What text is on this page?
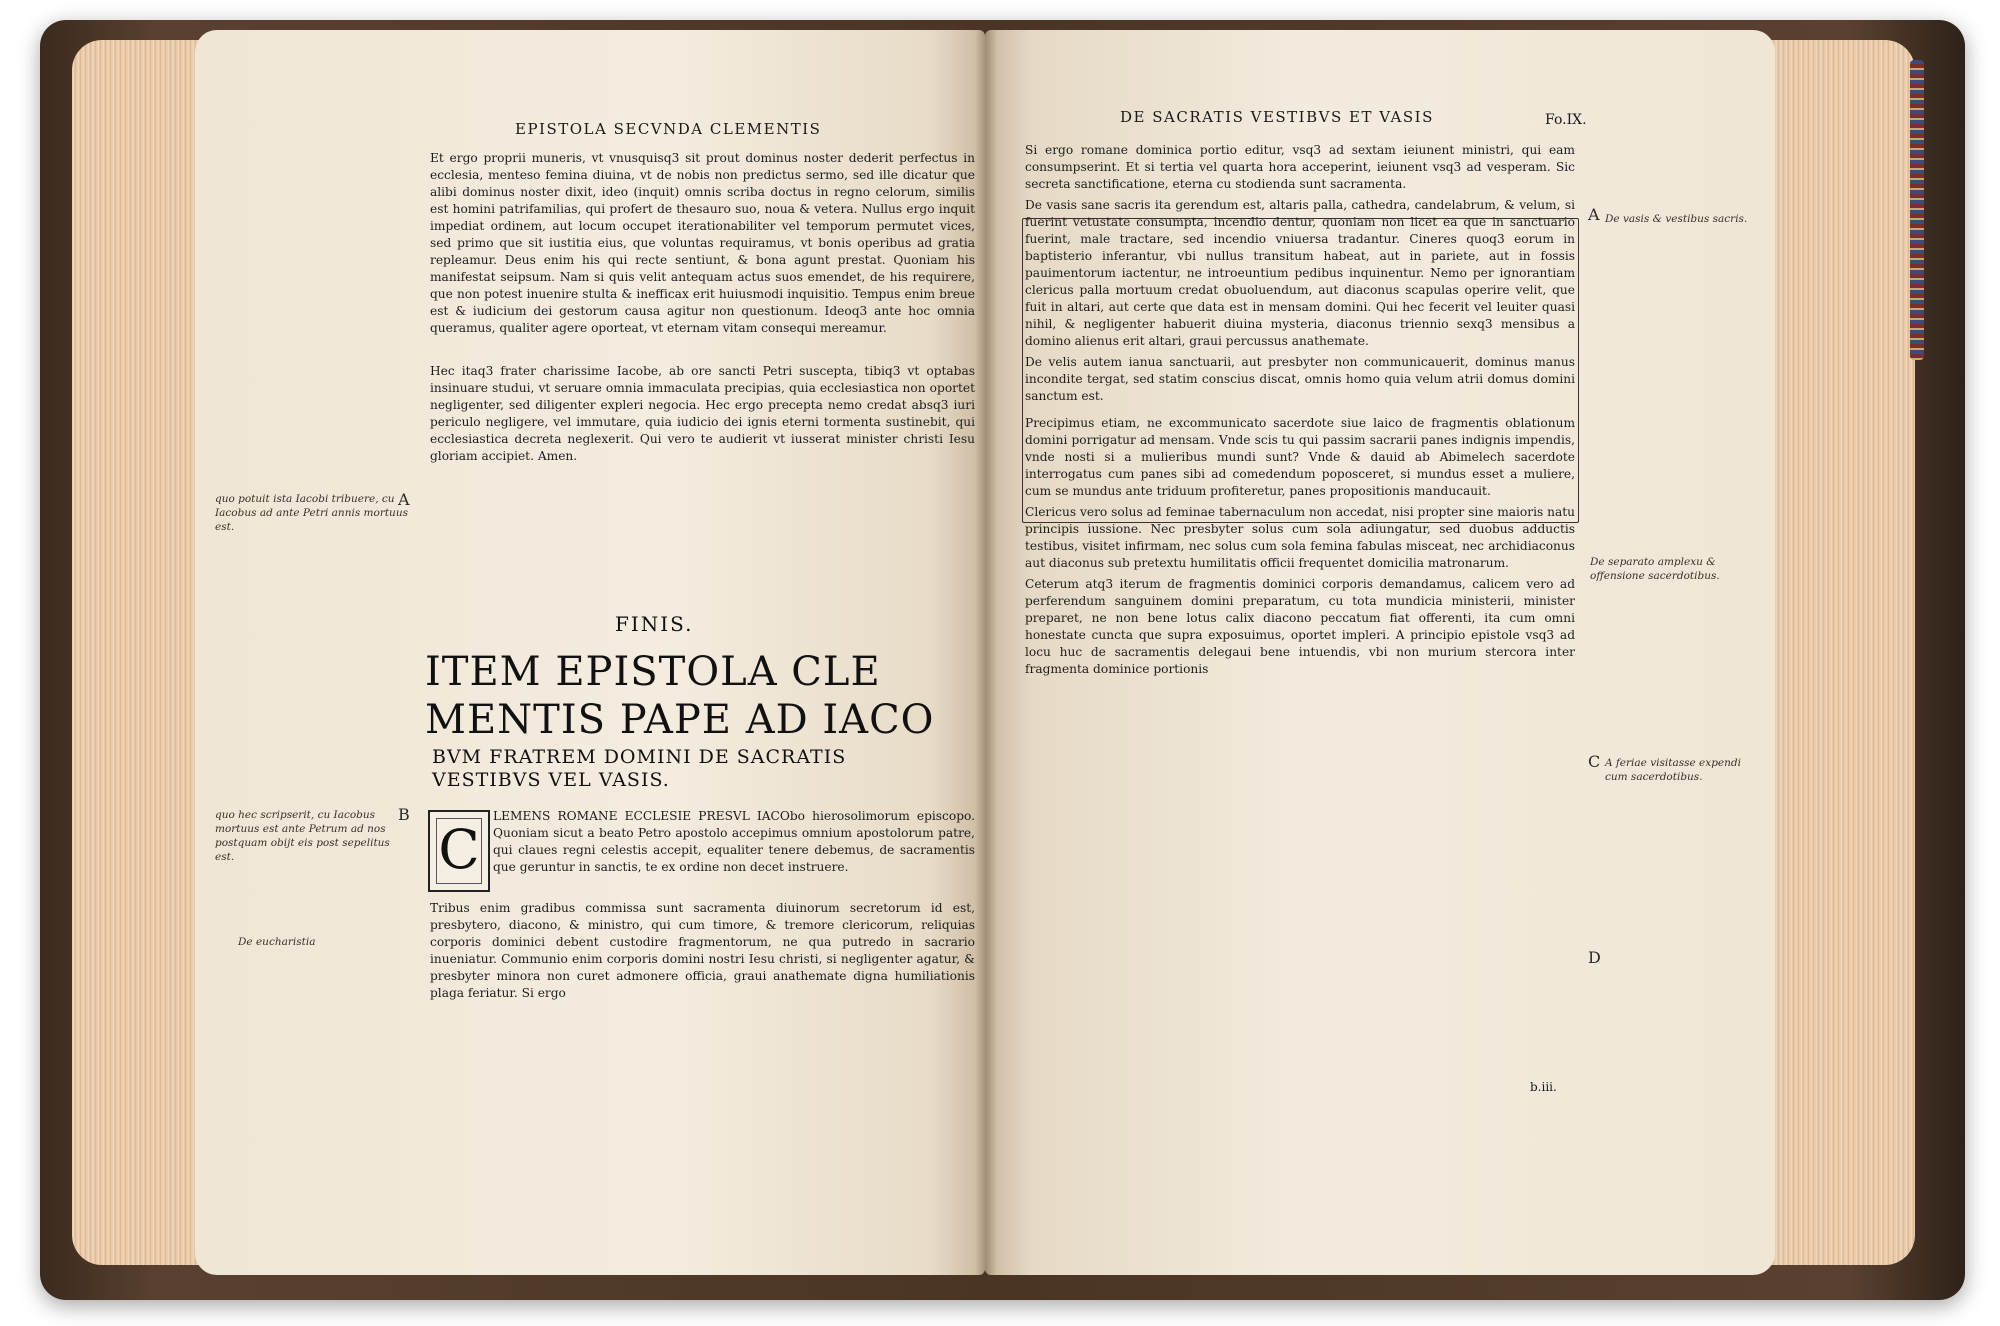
EPISTOLA SECVNDA CLEMENTIS

Et ergo proprii muneris, vt vnusquisq3 sit prout dominus noster dederit perfectus in ecclesia, menteso femina diuina, vt de nobis non predictus sermo, sed ille dicatur que alibi dominus noster dixit, ideo (inquit) omnis scriba doctus in regno celorum, similis est homini patrifamilias, qui profert de thesauro suo, noua & vetera. Nullus ergo inquit impediat ordinem, aut locum occupet iterationabiliter vel temporum permutet vices, sed primo que sit iustitia eius, que voluntas requiramus, vt bonis operibus ad gratia repleamur. Deus enim his qui recte sentiunt, & bona agunt prestat. Quoniam his manifestat seipsum. Nam si quis velit antequam actus suos emendet, de his requirere, que non potest inuenire stulta & inefficax erit huiusmodi inquisitio. Tempus enim breue est & iudicium dei gestorum causa agitur non questionum. Ideoq3 ante hoc omnia queramus, qualiter agere oporteat, vt eternam vitam consequi mereamur.

Hec itaq3 frater charissime Iacobe, ab ore sancti Petri suscepta, tibiq3 vt optabas insinuare studui, vt seruare omnia immaculata precipias, quia ecclesiastica non oportet negligenter, sed diligenter expleri negocia. Hec ergo precepta nemo credat absq3 iuri periculo negligere, vel immutare, quia iudicio dei ignis eterni tormenta sustinebit, qui ecclesiastica decreta neglexerit. Qui vero te audierit vt iusserat minister christi Iesu gloriam accipiet. Amen.

FINIS.
ITEM EPISTOLA CLE
MENTIS PAPE AD IACO
BVM FRATREM DOMINI DE SACRATIS VESTIBVS VEL VASIS.
C

LEMENS ROMANE ECCLESIE PRESVL IACObo hierosolimorum episcopo. Quoniam sicut a beato Petro apostolo accepimus omnium apostolorum patre, qui claues regni celestis accepit, equaliter tenere debemus, de sacramentis que geruntur in sanctis, te ex ordine non decet instruere.

Tribus enim gradibus commissa sunt sacramenta diuinorum secretorum id est, presbytero, diacono, & ministro, qui cum timore, & tremore clericorum, reliquias corporis dominici debent custodire fragmentorum, ne qua putredo in sacrario inueniatur. Communio enim corporis domini nostri Iesu christi, si negligenter agatur, & presbyter minora non curet admonere officia, graui anathemate digna humiliationis plaga feriatur. Si ergo

quo potuit ista Iacobi tribuere, cu Iacobus ad ante Petri annis mortuus est.
A
quo hec scripserit, cu Iacobus mortuus est ante Petrum ad nos postquam obijt eis post sepelitus est.
B
De eucharistia
DE SACRATIS VESTIBVS ET VASIS	Fo.IX.

Si ergo romane dominica portio editur, vsq3 ad sextam ieiunent ministri, qui eam consumpserint. Et si tertia vel quarta hora acceperint, ieiunent vsq3 ad vesperam. Sic secreta sanctificatione, eterna cu stodienda sunt sacramenta.

De vasis sane sacris ita gerendum est, altaris palla, cathedra, candelabrum, & velum, si fuerint vetustate consumpta, incendio dentur, quoniam non licet ea que in sanctuario fuerint, male tractare, sed incendio vniuersa tradantur. Cineres quoq3 eorum in baptisterio inferantur, vbi nullus transitum habeat, aut in pariete, aut in fossis pauimentorum iactentur, ne introeuntium pedibus inquinentur. Nemo per ignorantiam clericus palla mortuum credat obuoluendum, aut diaconus scapulas operire velit, que fuit in altari, aut certe que data est in mensam domini. Qui hec fecerit vel leuiter quasi nihil, & negligenter habuerit diuina mysteria, diaconus triennio sexq3 mensibus a domino alienus erit altari, graui percussus anathemate.

De velis autem ianua sanctuarii, aut presbyter non communicauerit, dominus manus incondite tergat, sed statim conscius discat, omnis homo quia velum atrii domus domini sanctum est.

Precipimus etiam, ne excommunicato sacerdote siue laico de fragmentis oblationum domini porrigatur ad mensam. Vnde scis tu qui passim sacrarii panes indignis impendis, vnde nosti si a mulieribus mundi sunt? Vnde & dauid ab Abimelech sacerdote interrogatus cum panes sibi ad comedendum poposceret, si mundus esset a muliere, cum se mundus ante triduum profiteretur, panes propositionis manducauit.

Clericus vero solus ad feminae tabernaculum non accedat, nisi propter sine maioris natu principis iussione. Nec presbyter solus cum sola adiungatur, sed duobus adductis testibus, visitet infirmam, nec solus cum sola femina fabulas misceat, nec archidiaconus aut diaconus sub pretextu humilitatis officii frequentet domicilia matronarum.

Ceterum atq3 iterum de fragmentis dominici corporis demandamus, calicem vero ad perferendum sanguinem domini preparatum, cu tota mundicia ministerii, minister preparet, ne non bene lotus calix diacono peccatum fiat offerenti, ita cum omni honestate cuncta que supra exposuimus, oportet impleri. A principio epistole vsq3 ad locu huc de sacramentis delegaui bene intuendis, vbi non murium stercora inter fragmenta dominice portionis

b.iii.
A De vasis & vestibus sacris.
De separato amplexu & offensione sacerdotibus.
C A feriae visitasse expendi cum sacerdotibus.
D
